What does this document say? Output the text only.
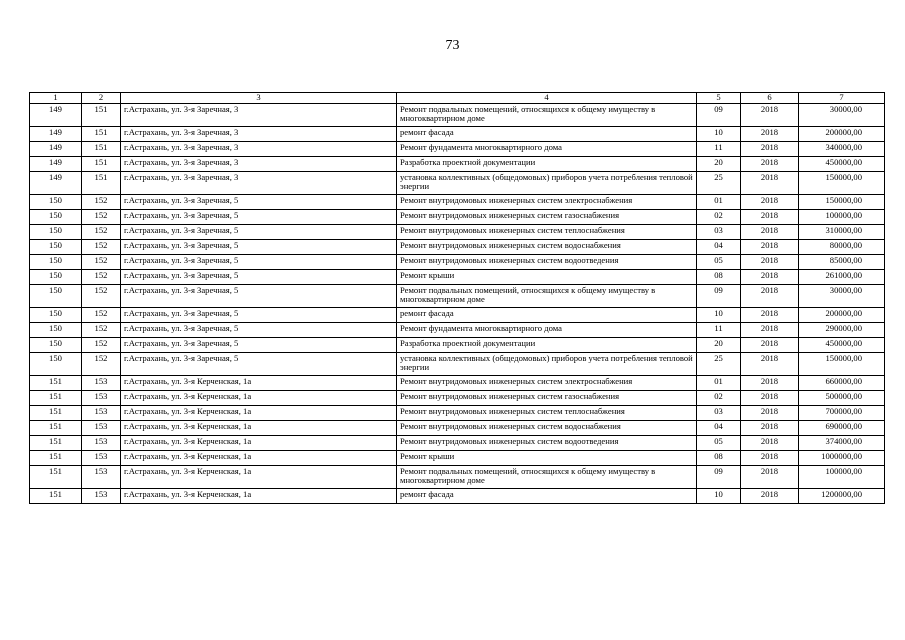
73
1	2	3	4	5	6	7
149	151	г.Астрахань, ул. 3-я Заречная, 3	Ремонт подвальных помещений, относящихся к общему имуществу в многоквартирном доме	09	2018	30000,00
149	151	г.Астрахань, ул. 3-я Заречная, 3	ремонт фасада	10	2018	200000,00
149	151	г.Астрахань, ул. 3-я Заречная, 3	Ремонт фундамента многоквартирного дома	11	2018	340000,00
149	151	г.Астрахань, ул. 3-я Заречная, 3	Разработка проектной документации	20	2018	450000,00
149	151	г.Астрахань, ул. 3-я Заречная, 3	установка коллективных (общедомовых) приборов учета потребления тепловой энергии	25	2018	150000,00
150	152	г.Астрахань, ул. 3-я Заречная, 5	Ремонт внутридомовых инженерных систем электроснабжения	01	2018	150000,00
150	152	г.Астрахань, ул. 3-я Заречная, 5	Ремонт внутридомовых инженерных систем газоснабжения	02	2018	100000,00
150	152	г.Астрахань, ул. 3-я Заречная, 5	Ремонт внутридомовых инженерных систем теплоснабжения	03	2018	310000,00
150	152	г.Астрахань, ул. 3-я Заречная, 5	Ремонт внутридомовых инженерных систем водоснабжения	04	2018	80000,00
150	152	г.Астрахань, ул. 3-я Заречная, 5	Ремонт внутридомовых инженерных систем водоотведения	05	2018	85000,00
150	152	г.Астрахань, ул. 3-я Заречная, 5	Ремонт крыши	08	2018	261000,00
150	152	г.Астрахань, ул. 3-я Заречная, 5	Ремонт подвальных помещений, относящихся к общему имуществу в многоквартирном доме	09	2018	30000,00
150	152	г.Астрахань, ул. 3-я Заречная, 5	ремонт фасада	10	2018	200000,00
150	152	г.Астрахань, ул. 3-я Заречная, 5	Ремонт фундамента многоквартирного дома	11	2018	290000,00
150	152	г.Астрахань, ул. 3-я Заречная, 5	Разработка проектной документации	20	2018	450000,00
150	152	г.Астрахань, ул. 3-я Заречная, 5	установка коллективных (общедомовых) приборов учета потребления тепловой энергии	25	2018	150000,00
151	153	г.Астрахань, ул. 3-я Керченская, 1а	Ремонт внутридомовых инженерных систем электроснабжения	01	2018	660000,00
151	153	г.Астрахань, ул. 3-я Керченская, 1а	Ремонт внутридомовых инженерных систем газоснабжения	02	2018	500000,00
151	153	г.Астрахань, ул. 3-я Керченская, 1а	Ремонт внутридомовых инженерных систем теплоснабжения	03	2018	700000,00
151	153	г.Астрахань, ул. 3-я Керченская, 1а	Ремонт внутридомовых инженерных систем водоснабжения	04	2018	690000,00
151	153	г.Астрахань, ул. 3-я Керченская, 1а	Ремонт внутридомовых инженерных систем водоотведения	05	2018	374000,00
151	153	г.Астрахань, ул. 3-я Керченская, 1а	Ремонт крыши	08	2018	1000000,00
151	153	г.Астрахань, ул. 3-я Керченская, 1а	Ремонт подвальных помещений, относящихся к общему имуществу в многоквартирном доме	09	2018	100000,00
151	153	г.Астрахань, ул. 3-я Керченская, 1а	ремонт фасада	10	2018	1200000,00
